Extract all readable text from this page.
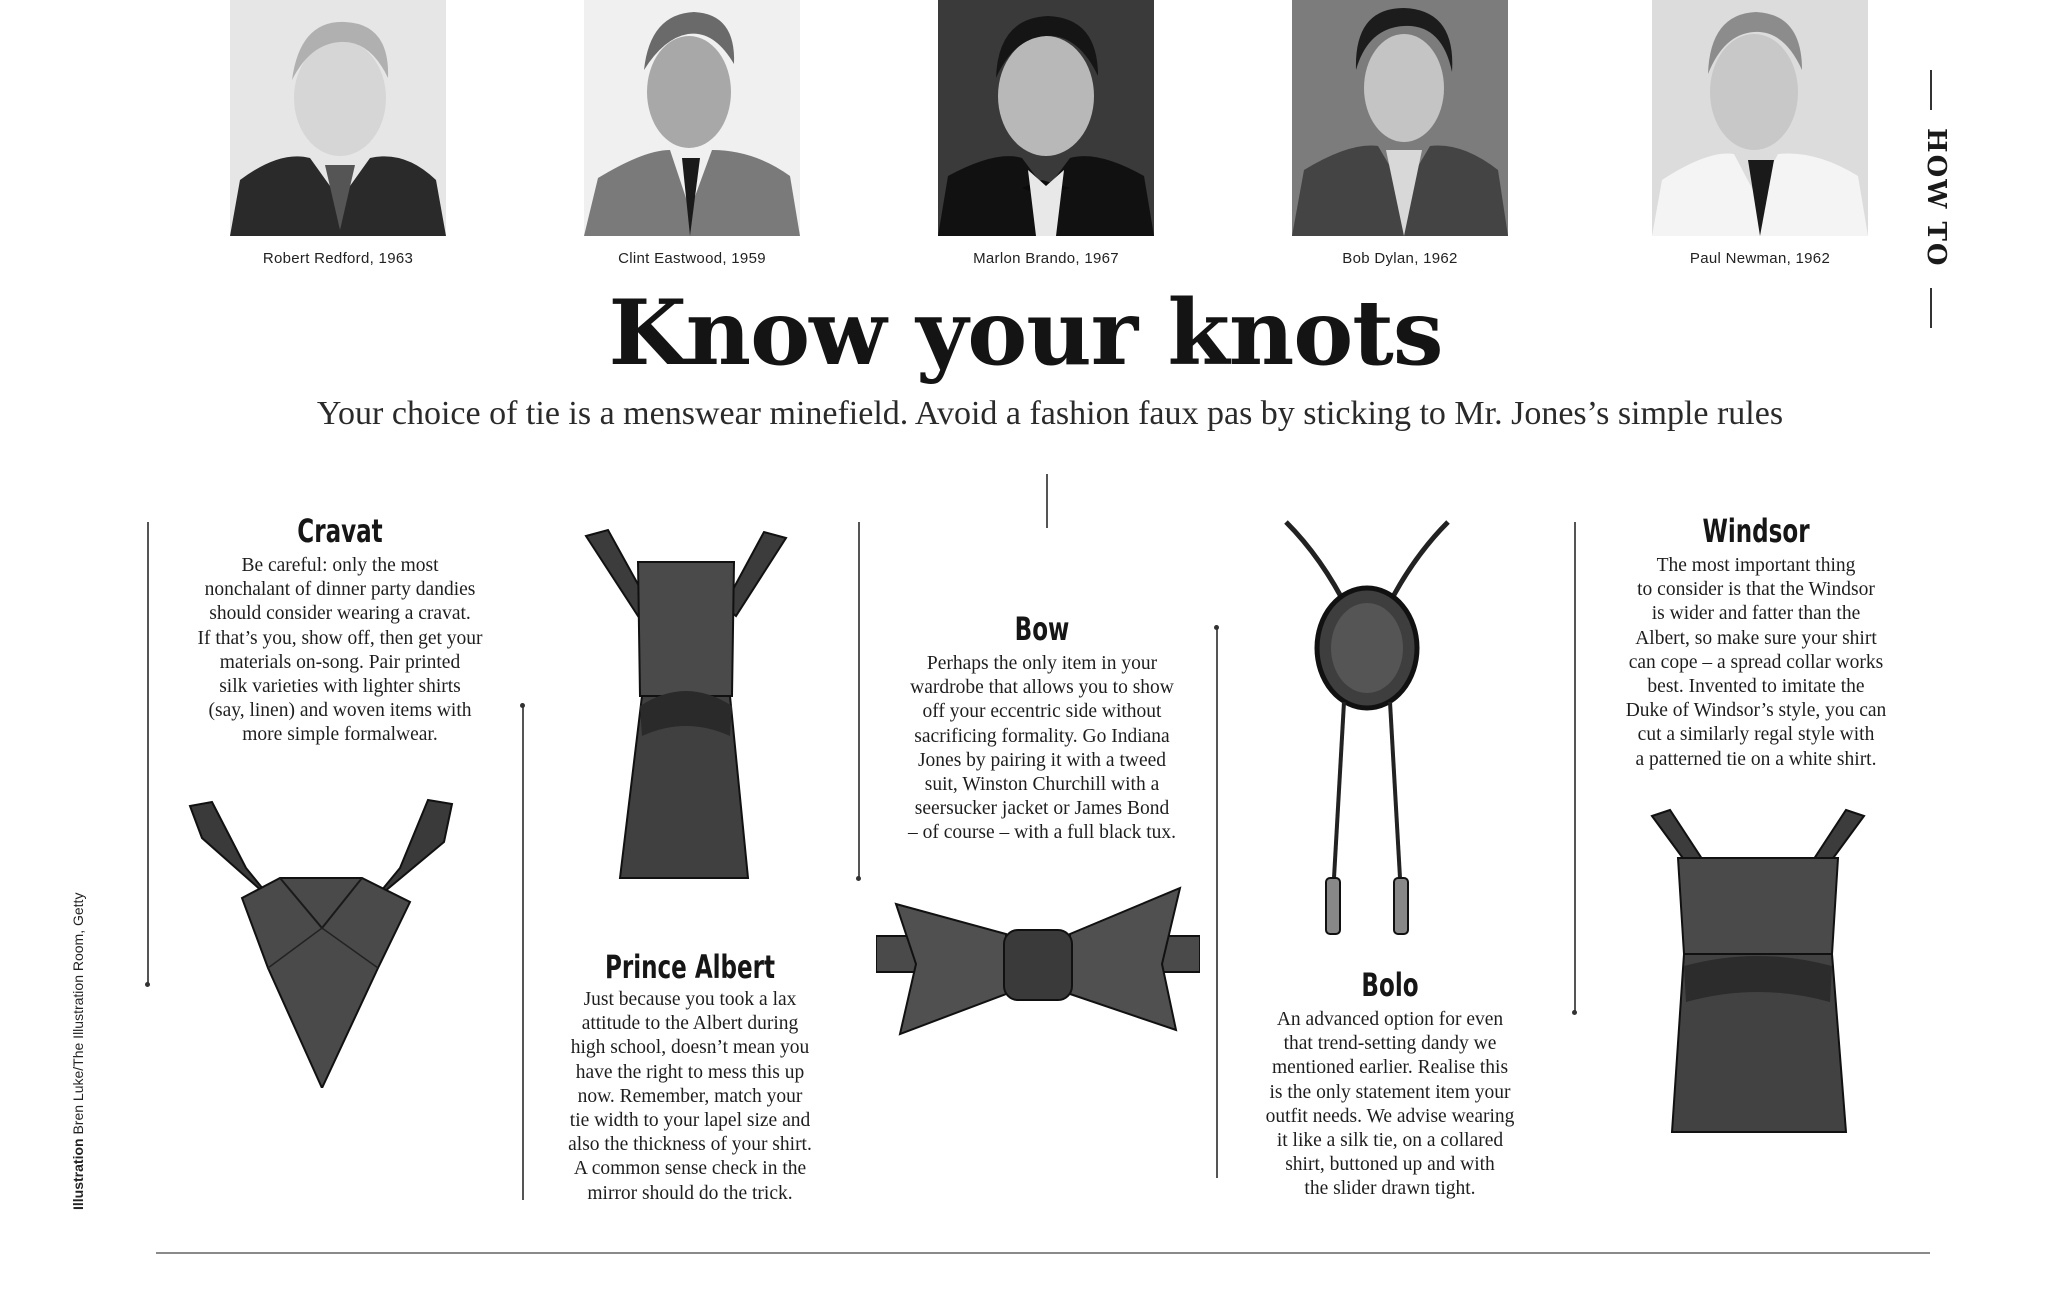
HOW TO
Illustration Bren Luke/The Illustration Room, Getty
Robert Redford, 1963	Clint Eastwood, 1959	Marlon Brando, 1967	Bob Dylan, 1962	Paul Newman, 1962
Know your knots
Your choice of tie is a menswear minefield. Avoid a fashion faux pas by sticking to Mr. Jones’s simple rules
Cravat

Be careful: only the most

nonchalant of dinner party dandies

should consider wearing a cravat.

If that’s you, show off, then get your

materials on-song. Pair printed

silk varieties with lighter shirts

(say, linen) and woven items with

more simple formalwear.

Prince Albert

Just because you took a lax

attitude to the Albert during

high school, doesn’t mean you

have the right to mess this up

now. Remember, match your

tie width to your lapel size and

also the thickness of your shirt.

A common sense check in the

mirror should do the trick.

Bow

Perhaps the only item in your

wardrobe that allows you to show

off your eccentric side without

sacrificing formality. Go Indiana

Jones by pairing it with a tweed

suit, Winston Churchill with a

seersucker jacket or James Bond

– of course – with a full black tux.

Bolo

An advanced option for even

that trend-setting dandy we

mentioned earlier. Realise this

is the only statement item your

outfit needs. We advise wearing

it like a silk tie, on a collared

shirt, buttoned up and with

the slider drawn tight.

Windsor

The most important thing

to consider is that the Windsor

is wider and fatter than the

Albert, so make sure your shirt

can cope – a spread collar works

best. Invented to imitate the

Duke of Windsor’s style, you can

cut a similarly regal style with

a patterned tie on a white shirt.
